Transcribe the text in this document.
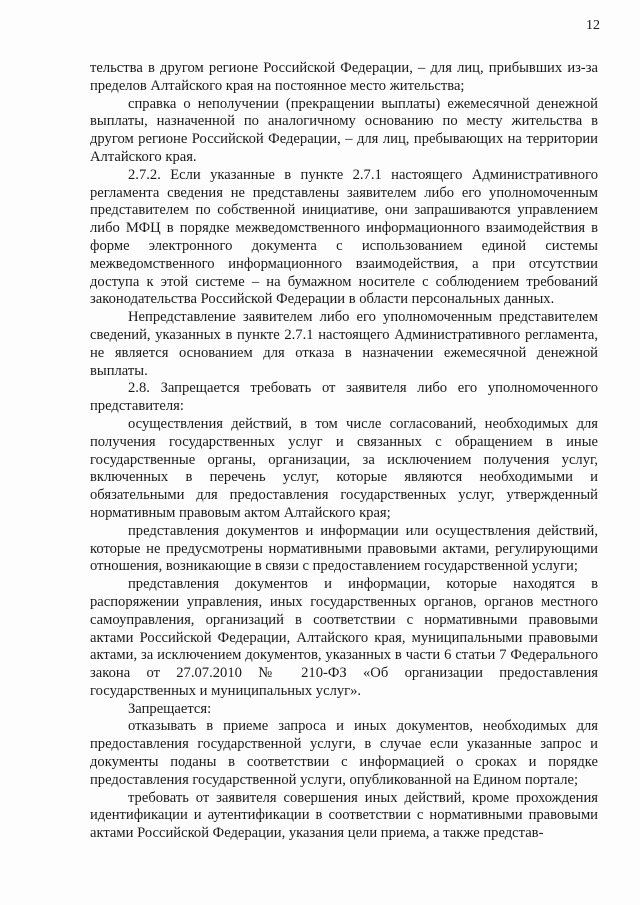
12

тельства в другом регионе Российской Федерации, – для лиц, прибывших из-за пределов Алтайского края на постоянное место жительства;

справка о неполучении (прекращении выплаты) ежемесячной денежной выплаты, назначенной по аналогичному основанию по месту жительства в другом регионе Российской Федерации, – для лиц, пребывающих на территории Алтайского края.

2.7.2. Если указанные в пункте 2.7.1 настоящего Административного регламента сведения не представлены заявителем либо его уполномоченным представителем по собственной инициативе, они запрашиваются управлением либо МФЦ в порядке межведомственного информационного взаимодействия в форме электронного документа с использованием единой системы межведомственного информационного взаимодействия, а при отсутствии доступа к этой системе – на бумажном носителе с соблюдением требований законодательства Российской Федерации в области персональных данных.

Непредставление заявителем либо его уполномоченным представителем сведений, указанных в пункте 2.7.1 настоящего Административного регламента, не является основанием для отказа в назначении ежемесячной денежной выплаты.

2.8. Запрещается требовать от заявителя либо его уполномоченного представителя:

осуществления действий, в том числе согласований, необходимых для получения государственных услуг и связанных с обращением в иные государственные органы, организации, за исключением получения услуг, включенных в перечень услуг, которые являются необходимыми и обязательными для предоставления государственных услуг, утвержденный нормативным правовым актом Алтайского края;

представления документов и информации или осуществления действий, которые не предусмотрены нормативными правовыми актами, регулирующими отношения, возникающие в связи с предоставлением государственной услуги;

представления документов и информации, которые находятся в распоряжении управления, иных государственных органов, органов местного самоуправления, организаций в соответствии с нормативными правовыми актами Российской Федерации, Алтайского края, муниципальными правовыми актами, за исключением документов, указанных в части 6 статьи 7 Федерального закона от 27.07.2010 № 210-ФЗ «Об организации предоставления государственных и муниципальных услуг».

Запрещается:

отказывать в приеме запроса и иных документов, необходимых для предоставления государственной услуги, в случае если указанные запрос и документы поданы в соответствии с информацией о сроках и порядке предоставления государственной услуги, опубликованной на Едином портале;

требовать от заявителя совершения иных действий, кроме прохождения идентификации и аутентификации в соответствии с нормативными правовыми актами Российской Федерации, указания цели приема, а также представ-
